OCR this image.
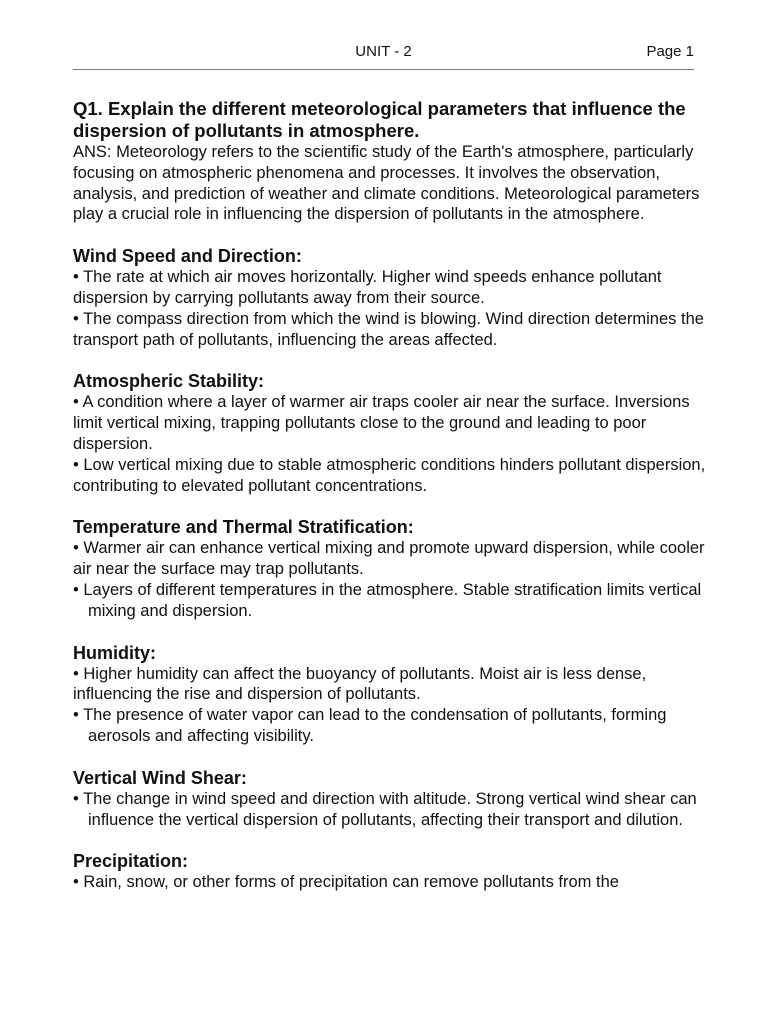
UNIT - 2	Page 1

Q1. Explain the different meteorological parameters that influence the dispersion of pollutants in atmosphere.

ANS: Meteorology refers to the scientific study of the Earth's atmosphere, particularly focusing on atmospheric phenomena and processes. It involves the observation, analysis, and prediction of weather and climate conditions. Meteorological parameters play a crucial role in influencing the dispersion of pollutants in the atmosphere.

Wind Speed and Direction:

• The rate at which air moves horizontally. Higher wind speeds enhance pollutant dispersion by carrying pollutants away from their source.

• The compass direction from which the wind is blowing. Wind direction determines the transport path of pollutants, influencing the areas affected.

Atmospheric Stability:

• A condition where a layer of warmer air traps cooler air near the surface. Inversions limit vertical mixing, trapping pollutants close to the ground and leading to poor dispersion.

• Low vertical mixing due to stable atmospheric conditions hinders pollutant dispersion, contributing to elevated pollutant concentrations.

Temperature and Thermal Stratification:

• Warmer air can enhance vertical mixing and promote upward dispersion, while cooler air near the surface may trap pollutants.

• Layers of different temperatures in the atmosphere. Stable stratification limits vertical mixing and dispersion.

Humidity:

• Higher humidity can affect the buoyancy of pollutants. Moist air is less dense, influencing the rise and dispersion of pollutants.

• The presence of water vapor can lead to the condensation of pollutants, forming aerosols and affecting visibility.

Vertical Wind Shear:

• The change in wind speed and direction with altitude. Strong vertical wind shear can influence the vertical dispersion of pollutants, affecting their transport and dilution.

Precipitation:

• Rain, snow, or other forms of precipitation can remove pollutants from the
